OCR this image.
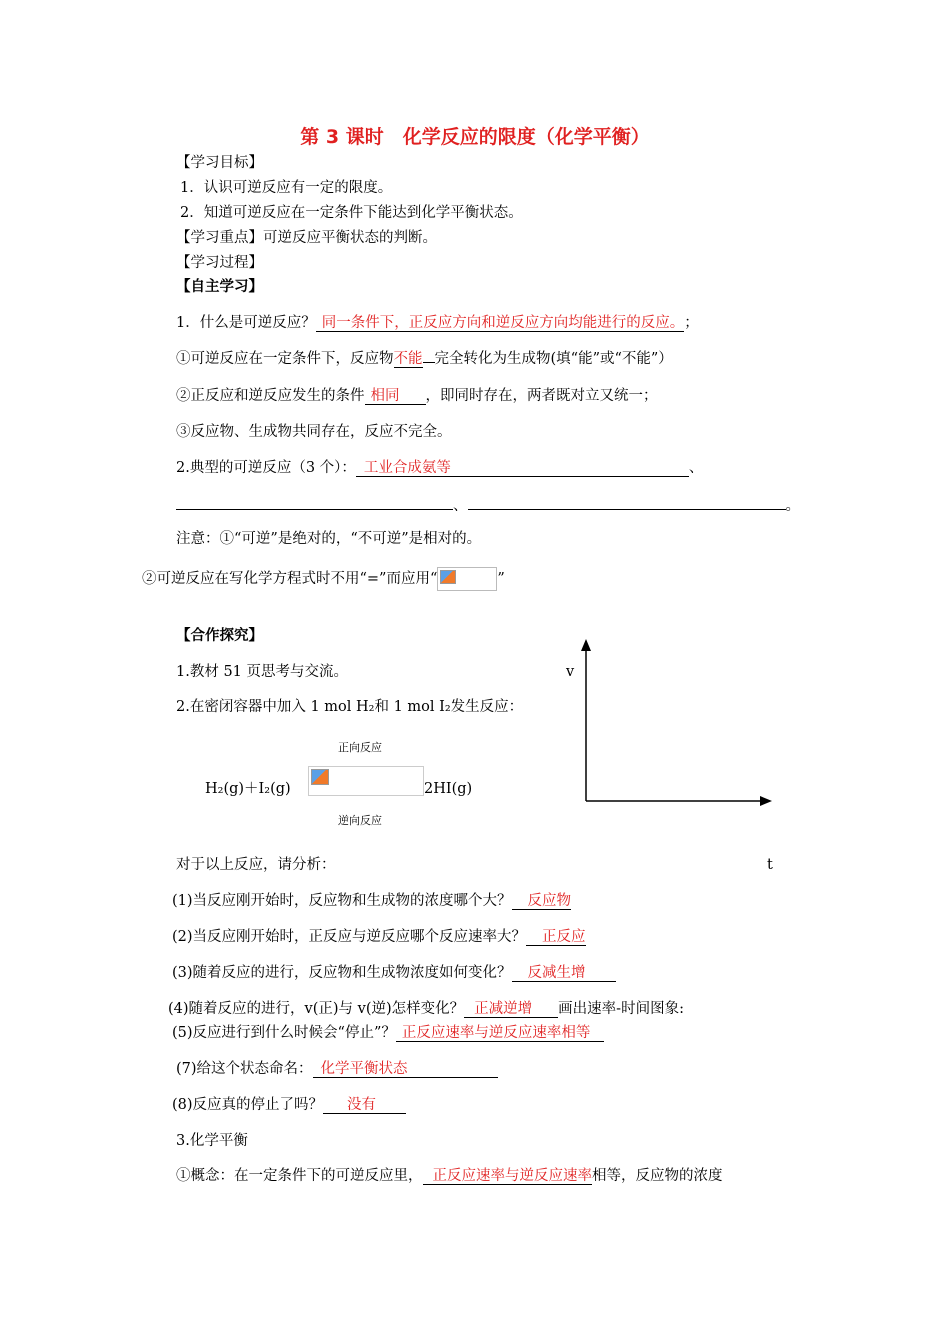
第 3 课时　化学反应的限度（化学平衡）
【学习目标】
1．认识可逆反应有一定的限度。
2．知道可逆反应在一定条件下能达到化学平衡状态。
【学习重点】可逆反应平衡状态的判断。
【学习过程】
【自主学习】
1．什么是可逆反应？ 同一条件下，正反应方向和逆反应方向均能进行的反应。；
①可逆反应在一定条件下，反应物不能 完全转化为生成物(填“能”或“不能”）
②正反应和逆反应发生的条件 相同 ，即同时存在，两者既对立又统一；
③反应物、生成物共同存在，反应不完全。
2.典型的可逆反应（3 个）： 工业合成氨等	、
、	。
注意：①“可逆”是绝对的，“不可逆”是相对的。
②可逆反应在写化学方程式时不用“=”而应用“	”
【合作探究】
1.教材 51 页思考与交流。
2.在密闭容器中加入 1 mol H₂和 1 mol I₂发生反应：
正向反应
H₂(g)＋I₂(g)	2HI(g)
逆向反应
v
t
对于以上反应，请分析：
(1)当反应刚开始时，反应物和生成物的浓度哪个大？ 反应物
(2)当反应刚开始时，正反应与逆反应哪个反应速率大？ 正反应
(3)随着反应的进行，反应物和生成物浓度如何变化？ 反减生增
(4)随着反应的进行，v(正)与 v(逆)怎样变化？ 正减逆增 画出速率-时间图象:
(5)反应进行到什么时候会“停止”？ 正反应速率与逆反应速率相等
(7)给这个状态命名： 化学平衡状态
(8)反应真的停止了吗？ 没有
3.化学平衡
①概念：在一定条件下的可逆反应里， 正反应速率与逆反应速率相等，反应物的浓度
